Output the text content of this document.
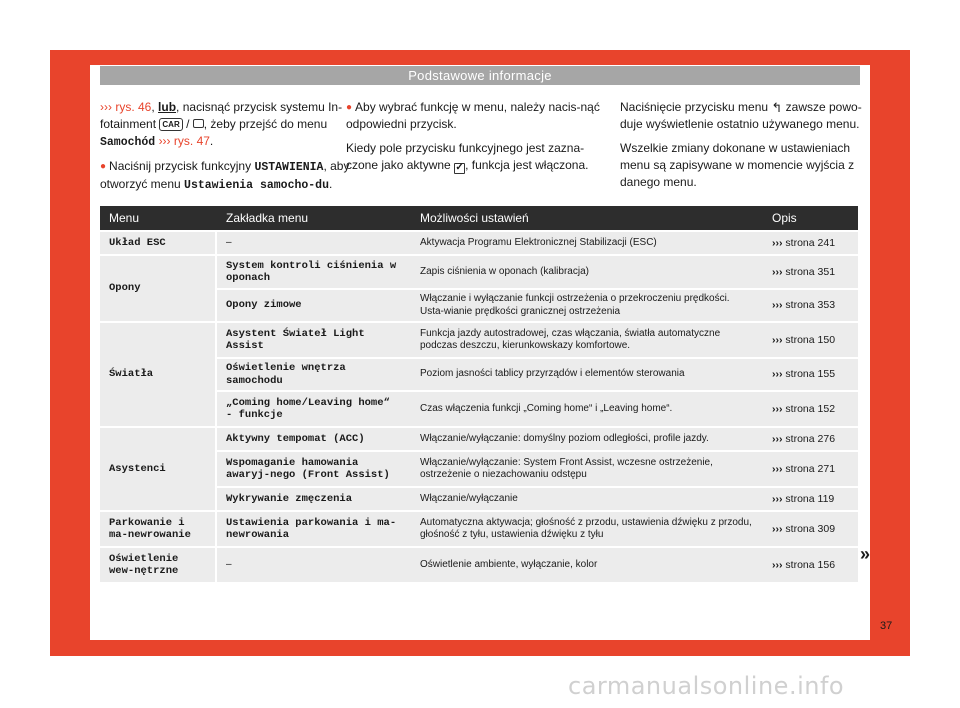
Podstawowe informacje

››› rys. 46, lub, nacisnąć przycisk systemu In-fotainment CAR / , żeby przejść do menu Samochód ››› rys. 47.

● Naciśnij przycisk funkcyjny USTAWIENIA, aby otworzyć menu Ustawienia samocho-du.

● Aby wybrać funkcję w menu, należy nacis-nąć odpowiedni przycisk.

Kiedy pole przycisku funkcyjnego jest zazna-czone jako aktywne ✓, funkcja jest włączona.

Naciśnięcie przycisku menu ↰ zawsze powo-duje wyświetlenie ostatnio używanego menu.

Wszelkie zmiany dokonane w ustawieniach menu są zapisywane w momencie wyjścia z danego menu.

Menu	Zakładka menu	Możliwości ustawień	Opis
Układ ESC	–	Aktywacja Programu Elektronicznej Stabilizacji (ESC)	››› strona 241
Opony	System kontroli ciśnienia w oponach	Zapis ciśnienia w oponach (kalibracja)	››› strona 351
	Opony zimowe	Włączanie i wyłączanie funkcji ostrzeżenia o przekroczeniu prędkości. Usta-wianie prędkości granicznej ostrzeżenia	››› strona 353
Światła	Asystent Świateł Light Assist	Funkcja jazdy autostradowej, czas włączania, światła automatyczne podczas deszczu, kierunkowskazy komfortowe.	››› strona 150
	Oświetlenie wnętrza samochodu	Poziom jasności tablicy przyrządów i elementów sterowania	››› strona 155
	„Coming home/Leaving home“ - funkcje	Czas włączenia funkcji „Coming home“ i „Leaving home“.	››› strona 152
Asystenci	Aktywny tempomat (ACC)	Włączanie/wyłączanie: domyślny poziom odległości, profile jazdy.	››› strona 276
	Wspomaganie hamowania awaryj-nego (Front Assist)	Włączanie/wyłączanie: System Front Assist, wczesne ostrzeżenie, ostrzeżenie o niezachowaniu odstępu	››› strona 271
	Wykrywanie zmęczenia	Włączanie/wyłączanie	››› strona 119
Parkowanie i ma-newrowanie	Ustawienia parkowania i ma-newrowania	Automatyczna aktywacja; głośność z przodu, ustawienia dźwięku z przodu, głośność z tyłu, ustawienia dźwięku z tyłu	››› strona 309
Oświetlenie wew-nętrzne	–	Oświetlenie ambiente, wyłączanie, kolor	››› strona 156
»
37
carmanualsonline.info
